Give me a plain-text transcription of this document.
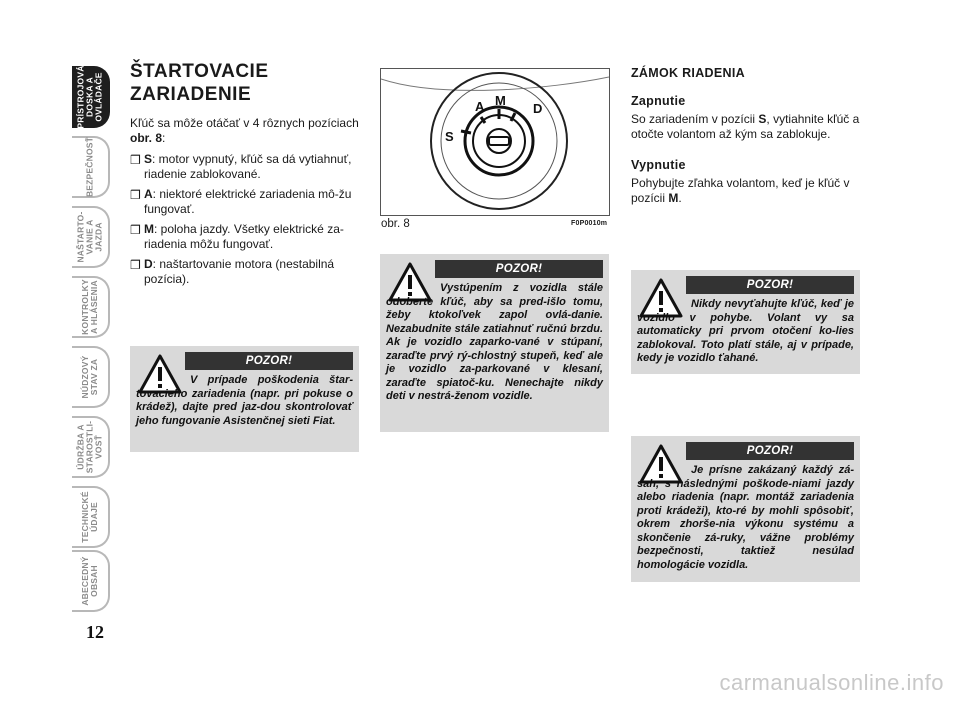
PRÍSTROJOVÁ
DOSKA A
OVLÁDAČE
BEZPEČNOSŤ
NAŠTARTO-
VANIE A
JAZDA
KONTROLKY
A HLÁSENIA
NÚDZOVÝ
STAV ZA
ÚDRŽBA A
STAROSTLI-
VOSŤ
TECHNICKÉ
ÚDAJE
ABECEDNÝ
OBSAH
12
ŠTARTOVACIE ZARIADENIE

Kľúč sa môže otáčať v 4 rôznych pozíciach obr. 8:

❒ S: motor vypnutý, kľúč sa dá vytiahnuť, riadenie zablokované.
❒ A: niektoré elektrické zariadenia mô-žu fungovať.
❒ M: poloha jazdy. Všetky elektrické za-riadenia môžu fungovať.
❒ D: naštartovanie motora (nestabilná pozícia).
POZOR!
V prípade poškodenia štar-tovacieho zariadenia (napr. pri pokuse o krádež), dajte pred jaz-dou skontrolovať jeho fungovanie Asistenčnej sieti Fiat.
A M
D
S
obr. 8	F0P0010m
POZOR!
Vystúpením z vozidla stále odoberte kľúč, aby sa pred-išlo tomu, žeby ktokoľvek zapol ovlá-danie. Nezabudnite stále zatiahnuť ručnú brzdu. Ak je vozidlo zaparko-vané v stúpaní, zaraďte prvý rý-chlostný stupeň, keď ale je vozidlo za-parkované v klesaní, zaraďte spiatoč-ku. Nenechajte nikdy deti v nestrá-ženom vozidle.
ZÁMOK RIADENIA
Zapnutie

So zariadením v pozícii S, vytiahnite kľúč a otočte volantom až kým sa zablokuje.

Vypnutie

Pohybujte zľahka volantom, keď je kľúč v pozícii M.

POZOR!
Nikdy nevyťahujte kľúč, keď je vozidlo v pohybe. Volant vy sa automaticky pri prvom otočení ko-lies zablokoval. Toto platí stále, aj v prípade, kedy je vozidlo ťahané.
POZOR!
Je prísne zakázaný každý zá-sah, s následnými poškode-niami jazdy alebo riadenia (napr. montáž zariadenia proti krádeži), kto-ré by mohli spôsobiť, okrem zhorše-nia výkonu systému a skončenie zá-ruky, vážne problémy bezpečnosti, taktiež nesúlad homologácie vozidla.
carmanualsonline.info
